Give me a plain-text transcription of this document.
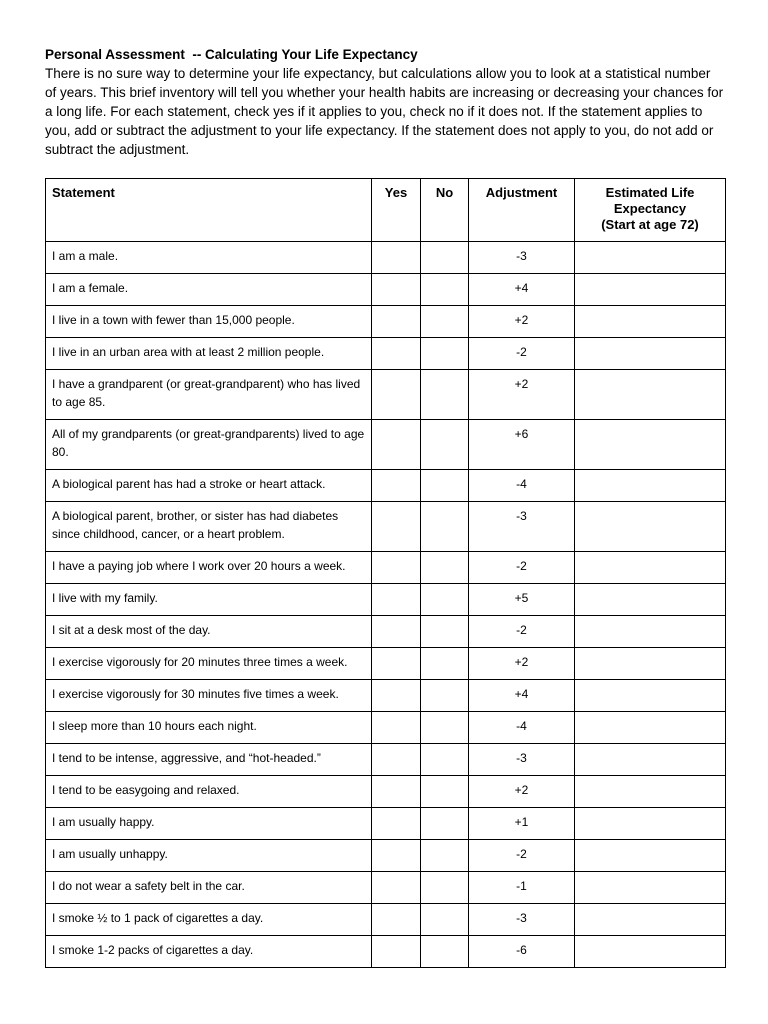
Personal Assessment  -- Calculating Your Life Expectancy

There is no sure way to determine your life expectancy, but calculations allow you to look at a statistical number of years. This brief inventory will tell you whether your health habits are increasing or decreasing your chances for a long life. For each statement, check yes if it applies to you, check no if it does not. If the statement applies to you, add or subtract the adjustment to your life expectancy. If the statement does not apply to you, do not add or subtract the adjustment.

Statement	Yes	No	Adjustment	Estimated Life Expectancy
(Start at age 72)
I am a male.			-3	
I am a female.			+4	
I live in a town with fewer than 15,000 people.			+2	
I live in an urban area with at least 2 million people.			-2	
I have a grandparent (or great-grandparent) who has lived to age 85.			+2	
All of my grandparents (or great-grandparents) lived to age 80.			+6	
A biological parent has had a stroke or heart attack.			-4	
A biological parent, brother, or sister has had diabetes since childhood, cancer, or a heart problem.			-3	
I have a paying job where I work over 20 hours a week.			-2	
I live with my family.			+5	
I sit at a desk most of the day.			-2	
I exercise vigorously for 20 minutes three times a week.			+2	
I exercise vigorously for 30 minutes five times a week.			+4	
I sleep more than 10 hours each night.			-4	
I tend to be intense, aggressive, and “hot-headed.”			-3	
I tend to be easygoing and relaxed.			+2	
I am usually happy.			+1	
I am usually unhappy.			-2	
I do not wear a safety belt in the car.			-1	
I smoke ½ to 1 pack of cigarettes a day.			-3	
I smoke 1-2 packs of cigarettes a day.			-6	
